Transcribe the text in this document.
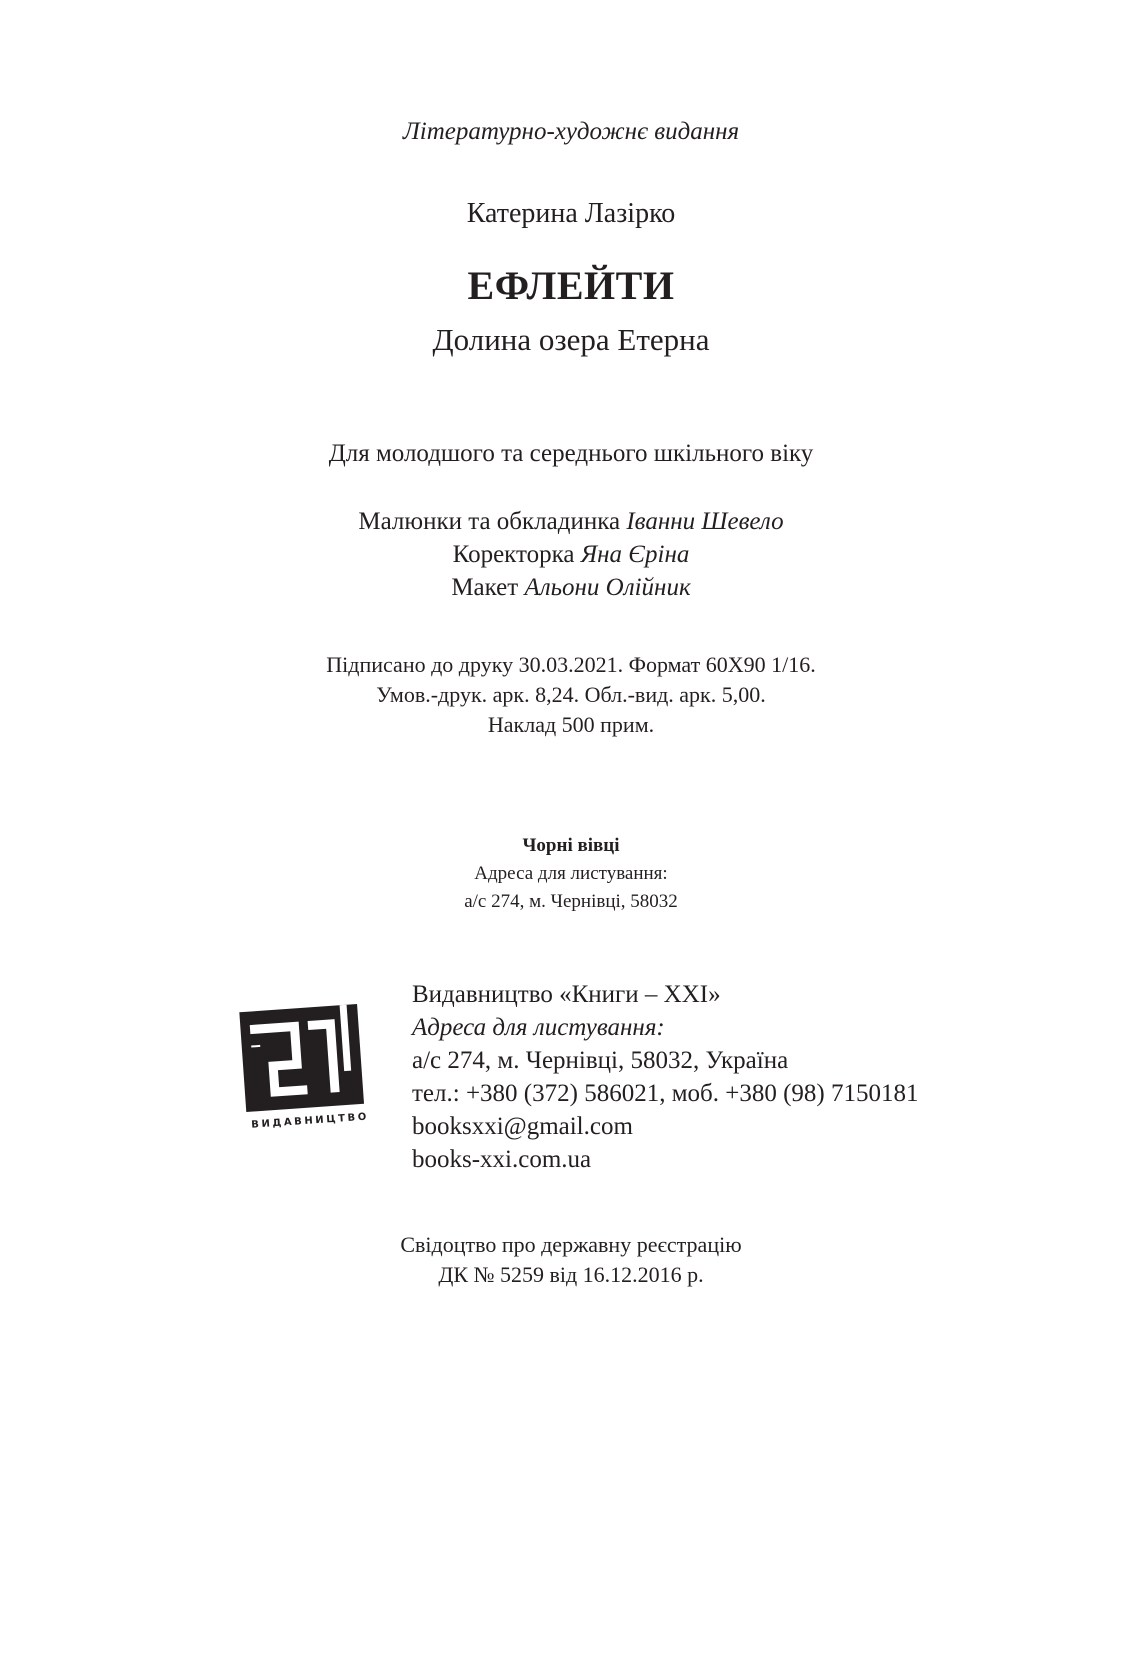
Літературно-художнє видання
Катерина Лазірко
ЕФЛЕЙТИ
Долина озера Етерна
Для молодшого та середнього шкільного віку
Малюнки та обкладинка Іванни Шевело
Коректорка Яна Єріна
Макет Альони Олійник
Підписано до друку 30.03.2021. Формат 60Х90 1/16.
Умов.-друк. арк. 8,24. Обл.-вид. арк. 5,00.
Наклад 500 прим.
Чорні вівці
Адреса для листування:
а/с 274, м. Чернівці, 58032
ВИДАВНИЦТВО
Видавництво «Книги – ХХІ»
Адреса для листування:
а/с 274, м. Чернівці, 58032, Україна
тел.: +380 (372) 586021, моб. +380 (98) 7150181
booksxxi@gmail.com
books-xxi.com.ua
Свідоцтво про державну реєстрацію
ДК № 5259 від 16.12.2016 р.
